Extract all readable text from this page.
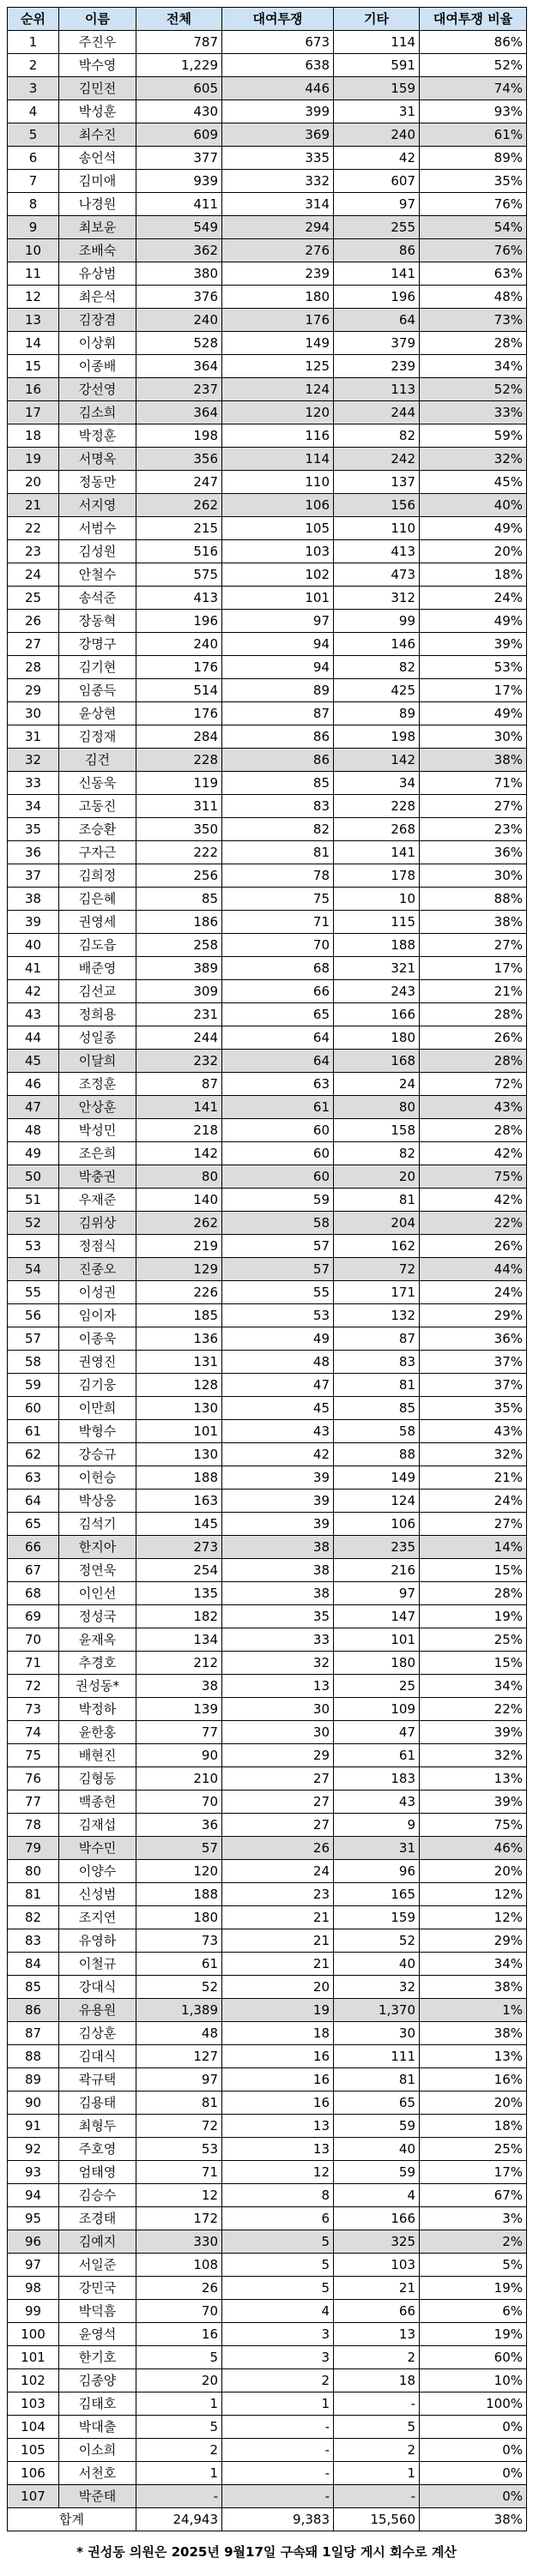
순위	이름	전체	대여투쟁	기타	대여투쟁 비율
1	주진우	787	673	114	86%
2	박수영	1,229	638	591	52%
3	김민전	605	446	159	74%
4	박성훈	430	399	31	93%
5	최수진	609	369	240	61%
6	송언석	377	335	42	89%
7	김미애	939	332	607	35%
8	나경원	411	314	97	76%
9	최보윤	549	294	255	54%
10	조배숙	362	276	86	76%
11	유상범	380	239	141	63%
12	최은석	376	180	196	48%
13	김장겸	240	176	64	73%
14	이상휘	528	149	379	28%
15	이종배	364	125	239	34%
16	강선영	237	124	113	52%
17	김소희	364	120	244	33%
18	박정훈	198	116	82	59%
19	서명옥	356	114	242	32%
20	정동만	247	110	137	45%
21	서지영	262	106	156	40%
22	서범수	215	105	110	49%
23	김성원	516	103	413	20%
24	안철수	575	102	473	18%
25	송석준	413	101	312	24%
26	장동혁	196	97	99	49%
27	강명구	240	94	146	39%
28	김기현	176	94	82	53%
29	임종득	514	89	425	17%
30	윤상현	176	87	89	49%
31	김정재	284	86	198	30%
32	김건	228	86	142	38%
33	신동욱	119	85	34	71%
34	고동진	311	83	228	27%
35	조승환	350	82	268	23%
36	구자근	222	81	141	36%
37	김희정	256	78	178	30%
38	김은혜	85	75	10	88%
39	권영세	186	71	115	38%
40	김도읍	258	70	188	27%
41	배준영	389	68	321	17%
42	김선교	309	66	243	21%
43	정희용	231	65	166	28%
44	성일종	244	64	180	26%
45	이달희	232	64	168	28%
46	조정훈	87	63	24	72%
47	안상훈	141	61	80	43%
48	박성민	218	60	158	28%
49	조은희	142	60	82	42%
50	박충권	80	60	20	75%
51	우재준	140	59	81	42%
52	김위상	262	58	204	22%
53	정점식	219	57	162	26%
54	진종오	129	57	72	44%
55	이성권	226	55	171	24%
56	임이자	185	53	132	29%
57	이종욱	136	49	87	36%
58	권영진	131	48	83	37%
59	김기웅	128	47	81	37%
60	이만희	130	45	85	35%
61	박형수	101	43	58	43%
62	강승규	130	42	88	32%
63	이헌승	188	39	149	21%
64	박상웅	163	39	124	24%
65	김석기	145	39	106	27%
66	한지아	273	38	235	14%
67	정연욱	254	38	216	15%
68	이인선	135	38	97	28%
69	정성국	182	35	147	19%
70	윤재옥	134	33	101	25%
71	추경호	212	32	180	15%
72	권성동*	38	13	25	34%
73	박정하	139	30	109	22%
74	윤한홍	77	30	47	39%
75	배현진	90	29	61	32%
76	김형동	210	27	183	13%
77	백종헌	70	27	43	39%
78	김재섭	36	27	9	75%
79	박수민	57	26	31	46%
80	이양수	120	24	96	20%
81	신성범	188	23	165	12%
82	조지연	180	21	159	12%
83	유영하	73	21	52	29%
84	이철규	61	21	40	34%
85	강대식	52	20	32	38%
86	유용원	1,389	19	1,370	1%
87	김상훈	48	18	30	38%
88	김대식	127	16	111	13%
89	곽규택	97	16	81	16%
90	김용태	81	16	65	20%
91	최형두	72	13	59	18%
92	주호영	53	13	40	25%
93	엄태영	71	12	59	17%
94	김승수	12	8	4	67%
95	조경태	172	6	166	3%
96	김예지	330	5	325	2%
97	서일준	108	5	103	5%
98	강민국	26	5	21	19%
99	박덕흠	70	4	66	6%
100	윤영석	16	3	13	19%
101	한기호	5	3	2	60%
102	김종양	20	2	18	10%
103	김태호	1	1	-	100%
104	박대출	5	-	5	0%
105	이소희	2	-	2	0%
106	서천호	1	-	1	0%
107	박준태	-	-	-	0%
합계		24,943	9,383	15,560	38%
* 권성동 의원은 2025년 9월17일 구속돼 1일당 게시 회수로 계산
